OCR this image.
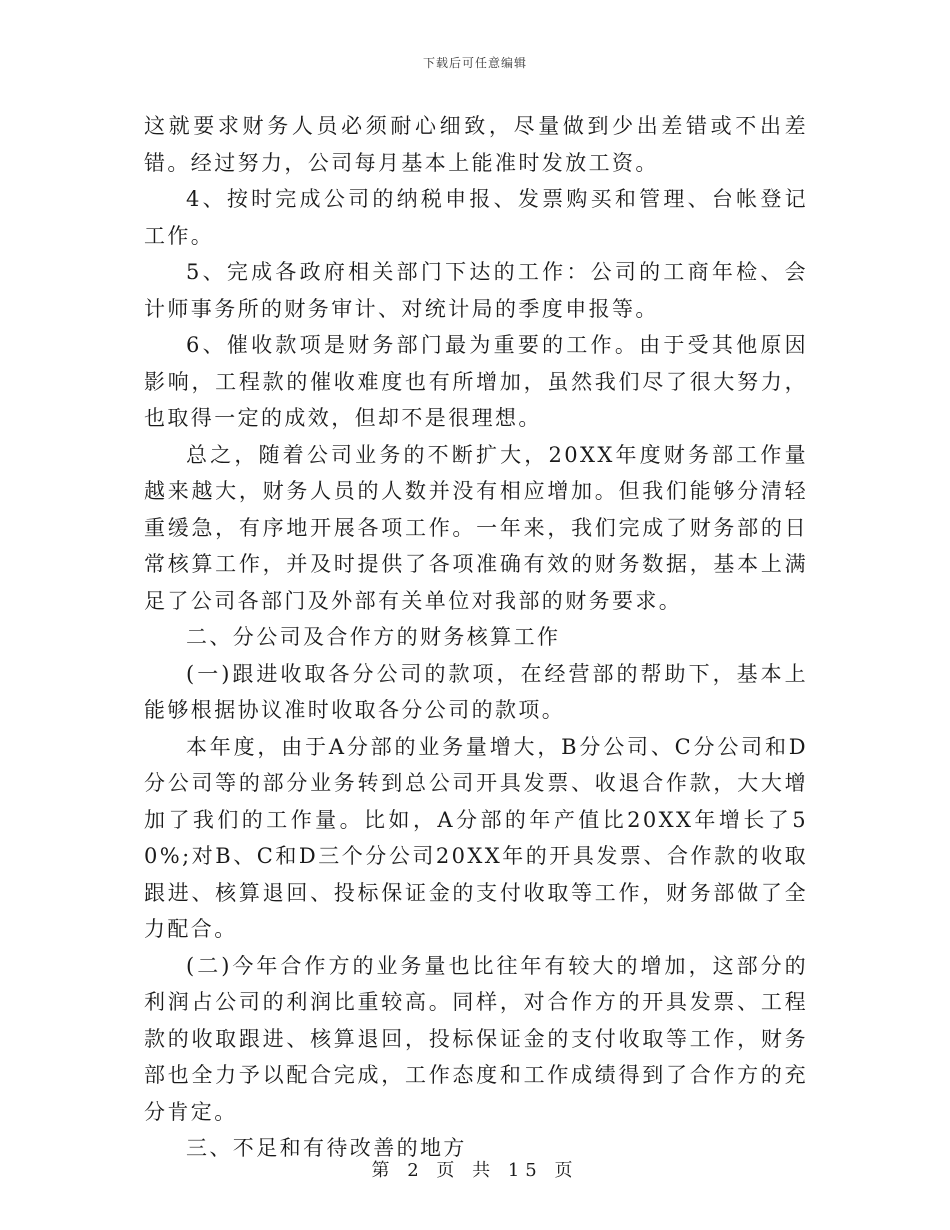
下载后可任意编辑

这就要求财务人员必须耐心细致，尽量做到少出差错或不出差错。经过努力，公司每月基本上能准时发放工资。

4、按时完成公司的纳税申报、发票购买和管理、台帐登记工作。

5、完成各政府相关部门下达的工作：公司的工商年检、会计师事务所的财务审计、对统计局的季度申报等。

6、催收款项是财务部门最为重要的工作。由于受其他原因影响，工程款的催收难度也有所增加，虽然我们尽了很大努力，也取得一定的成效，但却不是很理想。

总之，随着公司业务的不断扩大，20XX年度财务部工作量越来越大，财务人员的人数并没有相应增加。但我们能够分清轻重缓急，有序地开展各项工作。一年来，我们完成了财务部的日常核算工作，并及时提供了各项准确有效的财务数据，基本上满足了公司各部门及外部有关单位对我部的财务要求。

二、分公司及合作方的财务核算工作

(一)跟进收取各分公司的款项，在经营部的帮助下，基本上能够根据协议准时收取各分公司的款项。

本年度，由于A分部的业务量增大，B分公司、C分公司和D分公司等的部分业务转到总公司开具发票、收退合作款，大大增加了我们的工作量。比如，A分部的年产值比20XX年增长了50%;对B、C和D三个分公司20XX年的开具发票、合作款的收取跟进、核算退回、投标保证金的支付收取等工作，财务部做了全力配合。

(二)今年合作方的业务量也比往年有较大的增加，这部分的利润占公司的利润比重较高。同样，对合作方的开具发票、工程款的收取跟进、核算退回，投标保证金的支付收取等工作，财务部也全力予以配合完成，工作态度和工作成绩得到了合作方的充分肯定。

三、不足和有待改善的地方

第 2 页 共 15 页
